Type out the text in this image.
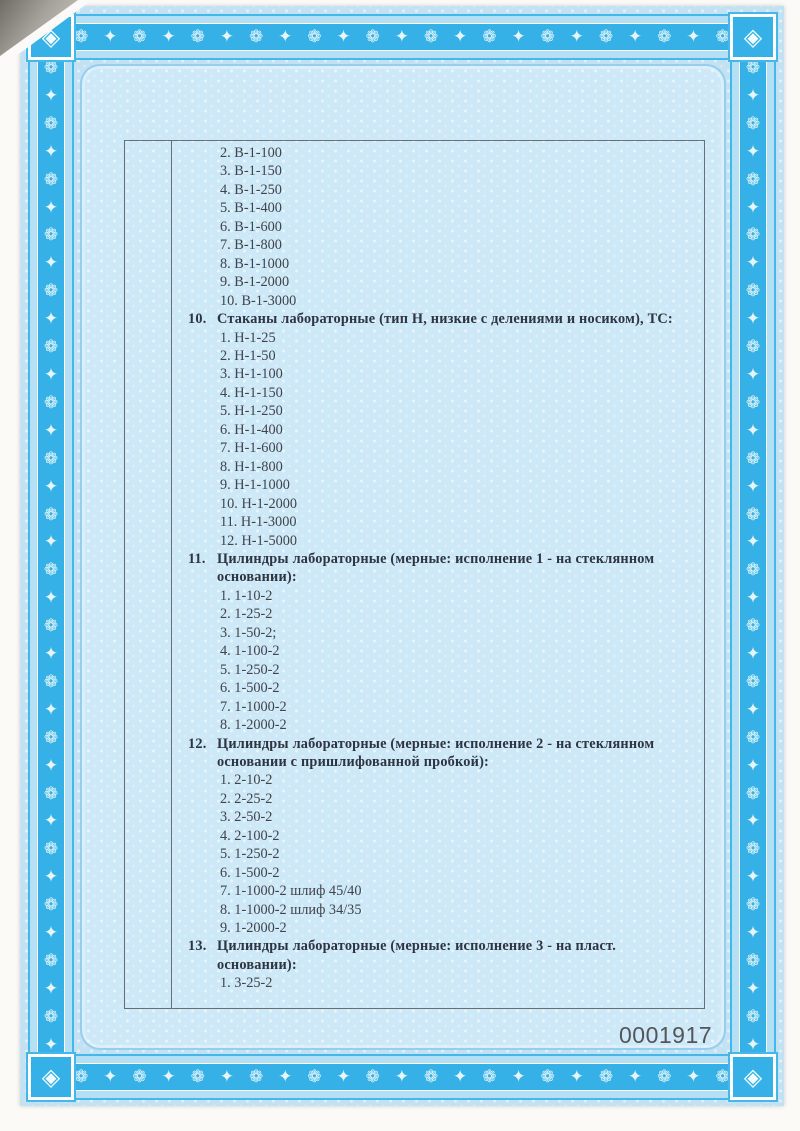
❁ ✦ ❁ ✦ ❁ ✦ ❁ ✦ ❁ ✦ ❁ ✦ ❁ ✦ ❁ ✦ ❁ ✦ ❁ ✦ ❁ ✦ ❁
❁ ✦ ❁ ✦ ❁ ✦ ❁ ✦ ❁ ✦ ❁ ✦ ❁ ✦ ❁ ✦ ❁ ✦ ❁ ✦ ❁ ✦ ❁
❁
✦
❁
✦
❁
✦
❁
✦
❁
✦
❁
✦
❁
✦
❁
✦
❁
✦
❁
✦
❁
✦
❁
✦
❁
✦
❁
✦
❁
✦
❁
✦
❁
✦
❁
✦
❁
✦
❁
✦
❁
✦
❁
✦
❁
✦
❁
✦
❁
✦
❁
✦
❁
✦
❁
✦
❁
✦
❁
✦
❁
✦
❁
✦
❁
✦
❁
✦
❁
✦
❁
✦
◈	◈
◈	◈
2. В-1-100
3. В-1-150
4. В-1-250
5. В-1-400
6. В-1-600
7. В-1-800
8. В-1-1000
9. В-1-2000
10. В-1-3000
10. Стаканы лабораторные (тип Н, низкие с делениями и носиком), ТС:
1. Н-1-25
2. Н-1-50
3. Н-1-100
4. Н-1-150
5. Н-1-250
6. Н-1-400
7. Н-1-600
8. Н-1-800
9. Н-1-1000
10. Н-1-2000
11. Н-1-3000
12. Н-1-5000
11. Цилиндры лабораторные (мерные: исполнение 1 - на стеклянном основании):
1. 1-10-2
2. 1-25-2
3. 1-50-2;
4. 1-100-2
5. 1-250-2
6. 1-500-2
7. 1-1000-2
8. 1-2000-2
12. Цилиндры лабораторные (мерные: исполнение 2 - на стеклянном основании с пришлифованной пробкой):
1. 2-10-2
2. 2-25-2
3. 2-50-2
4. 2-100-2
5. 1-250-2
6. 1-500-2
7. 1-1000-2 шлиф 45/40
8. 1-1000-2 шлиф 34/35
9. 1-2000-2
13. Цилиндры лабораторные (мерные: исполнение 3 - на пласт. основании):
1. 3-25-2
0001917
